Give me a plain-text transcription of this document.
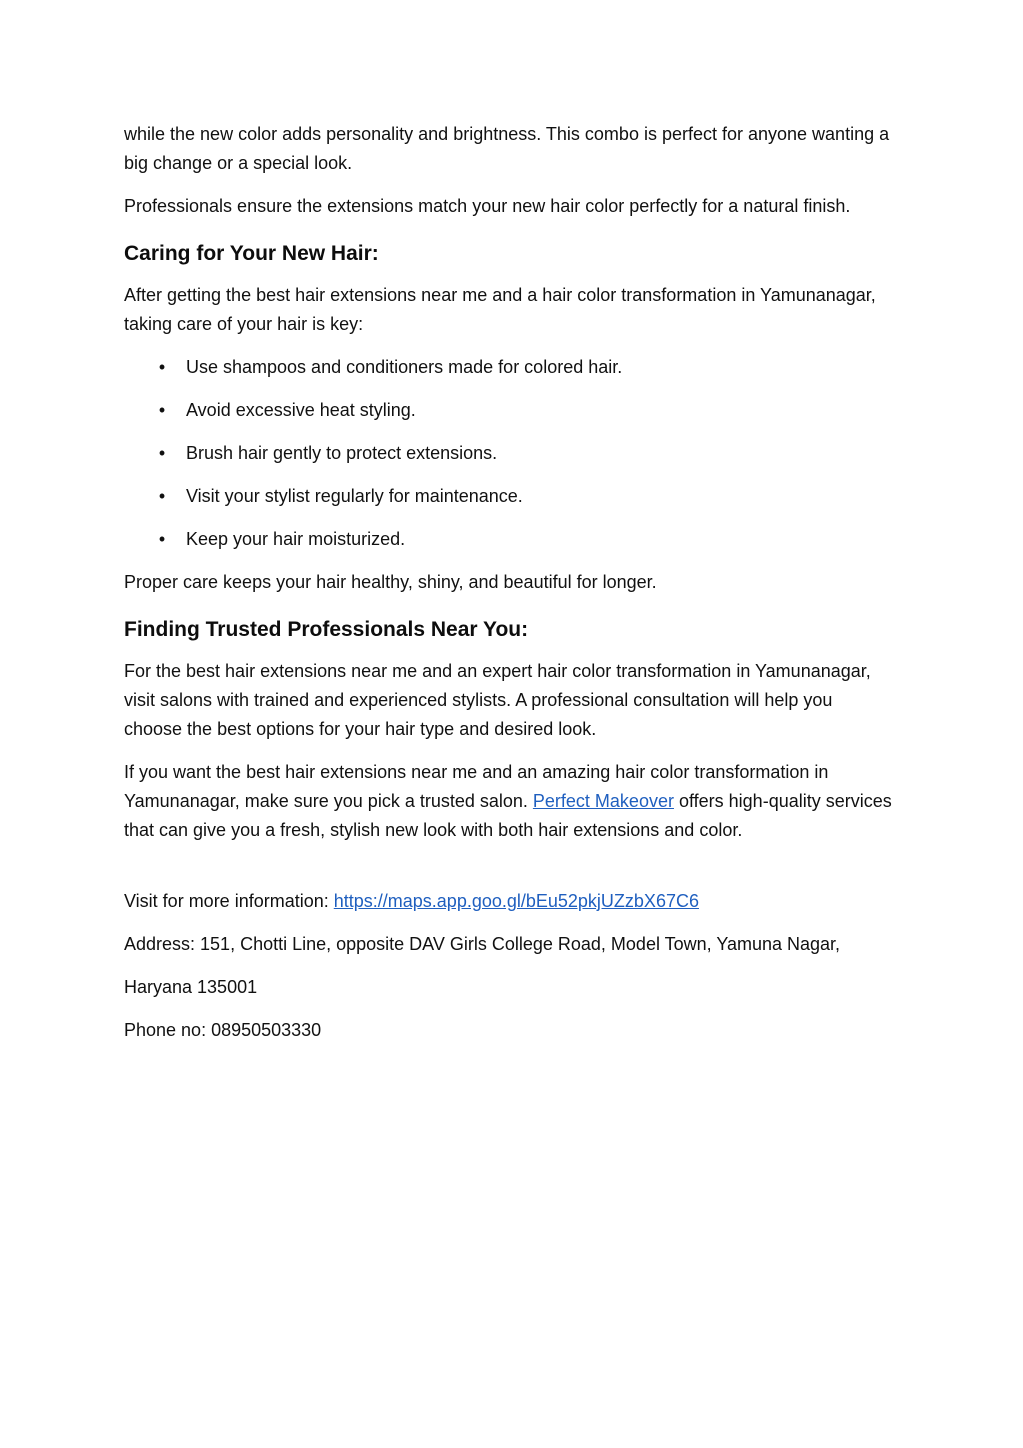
while the new color adds personality and brightness. This combo is perfect for anyone wanting a big change or a special look.

Professionals ensure the extensions match your new hair color perfectly for a natural finish.

Caring for Your New Hair:

After getting the best hair extensions near me and a hair color transformation in Yamunanagar, taking care of your hair is key:

• Use shampoos and conditioners made for colored hair.
• Avoid excessive heat styling.
• Brush hair gently to protect extensions.
• Visit your stylist regularly for maintenance.
• Keep your hair moisturized.

Proper care keeps your hair healthy, shiny, and beautiful for longer.

Finding Trusted Professionals Near You:

For the best hair extensions near me and an expert hair color transformation in Yamunanagar, visit salons with trained and experienced stylists. A professional consultation will help you choose the best options for your hair type and desired look.

If you want the best hair extensions near me and an amazing hair color transformation in Yamunanagar, make sure you pick a trusted salon. Perfect Makeover offers high-quality services that can give you a fresh, stylish new look with both hair extensions and color.

Visit for more information: https://maps.app.goo.gl/bEu52pkjUZzbX67C6

Address: 151, Chotti Line, opposite DAV Girls College Road, Model Town, Yamuna Nagar,

Haryana 135001

Phone no: 08950503330
